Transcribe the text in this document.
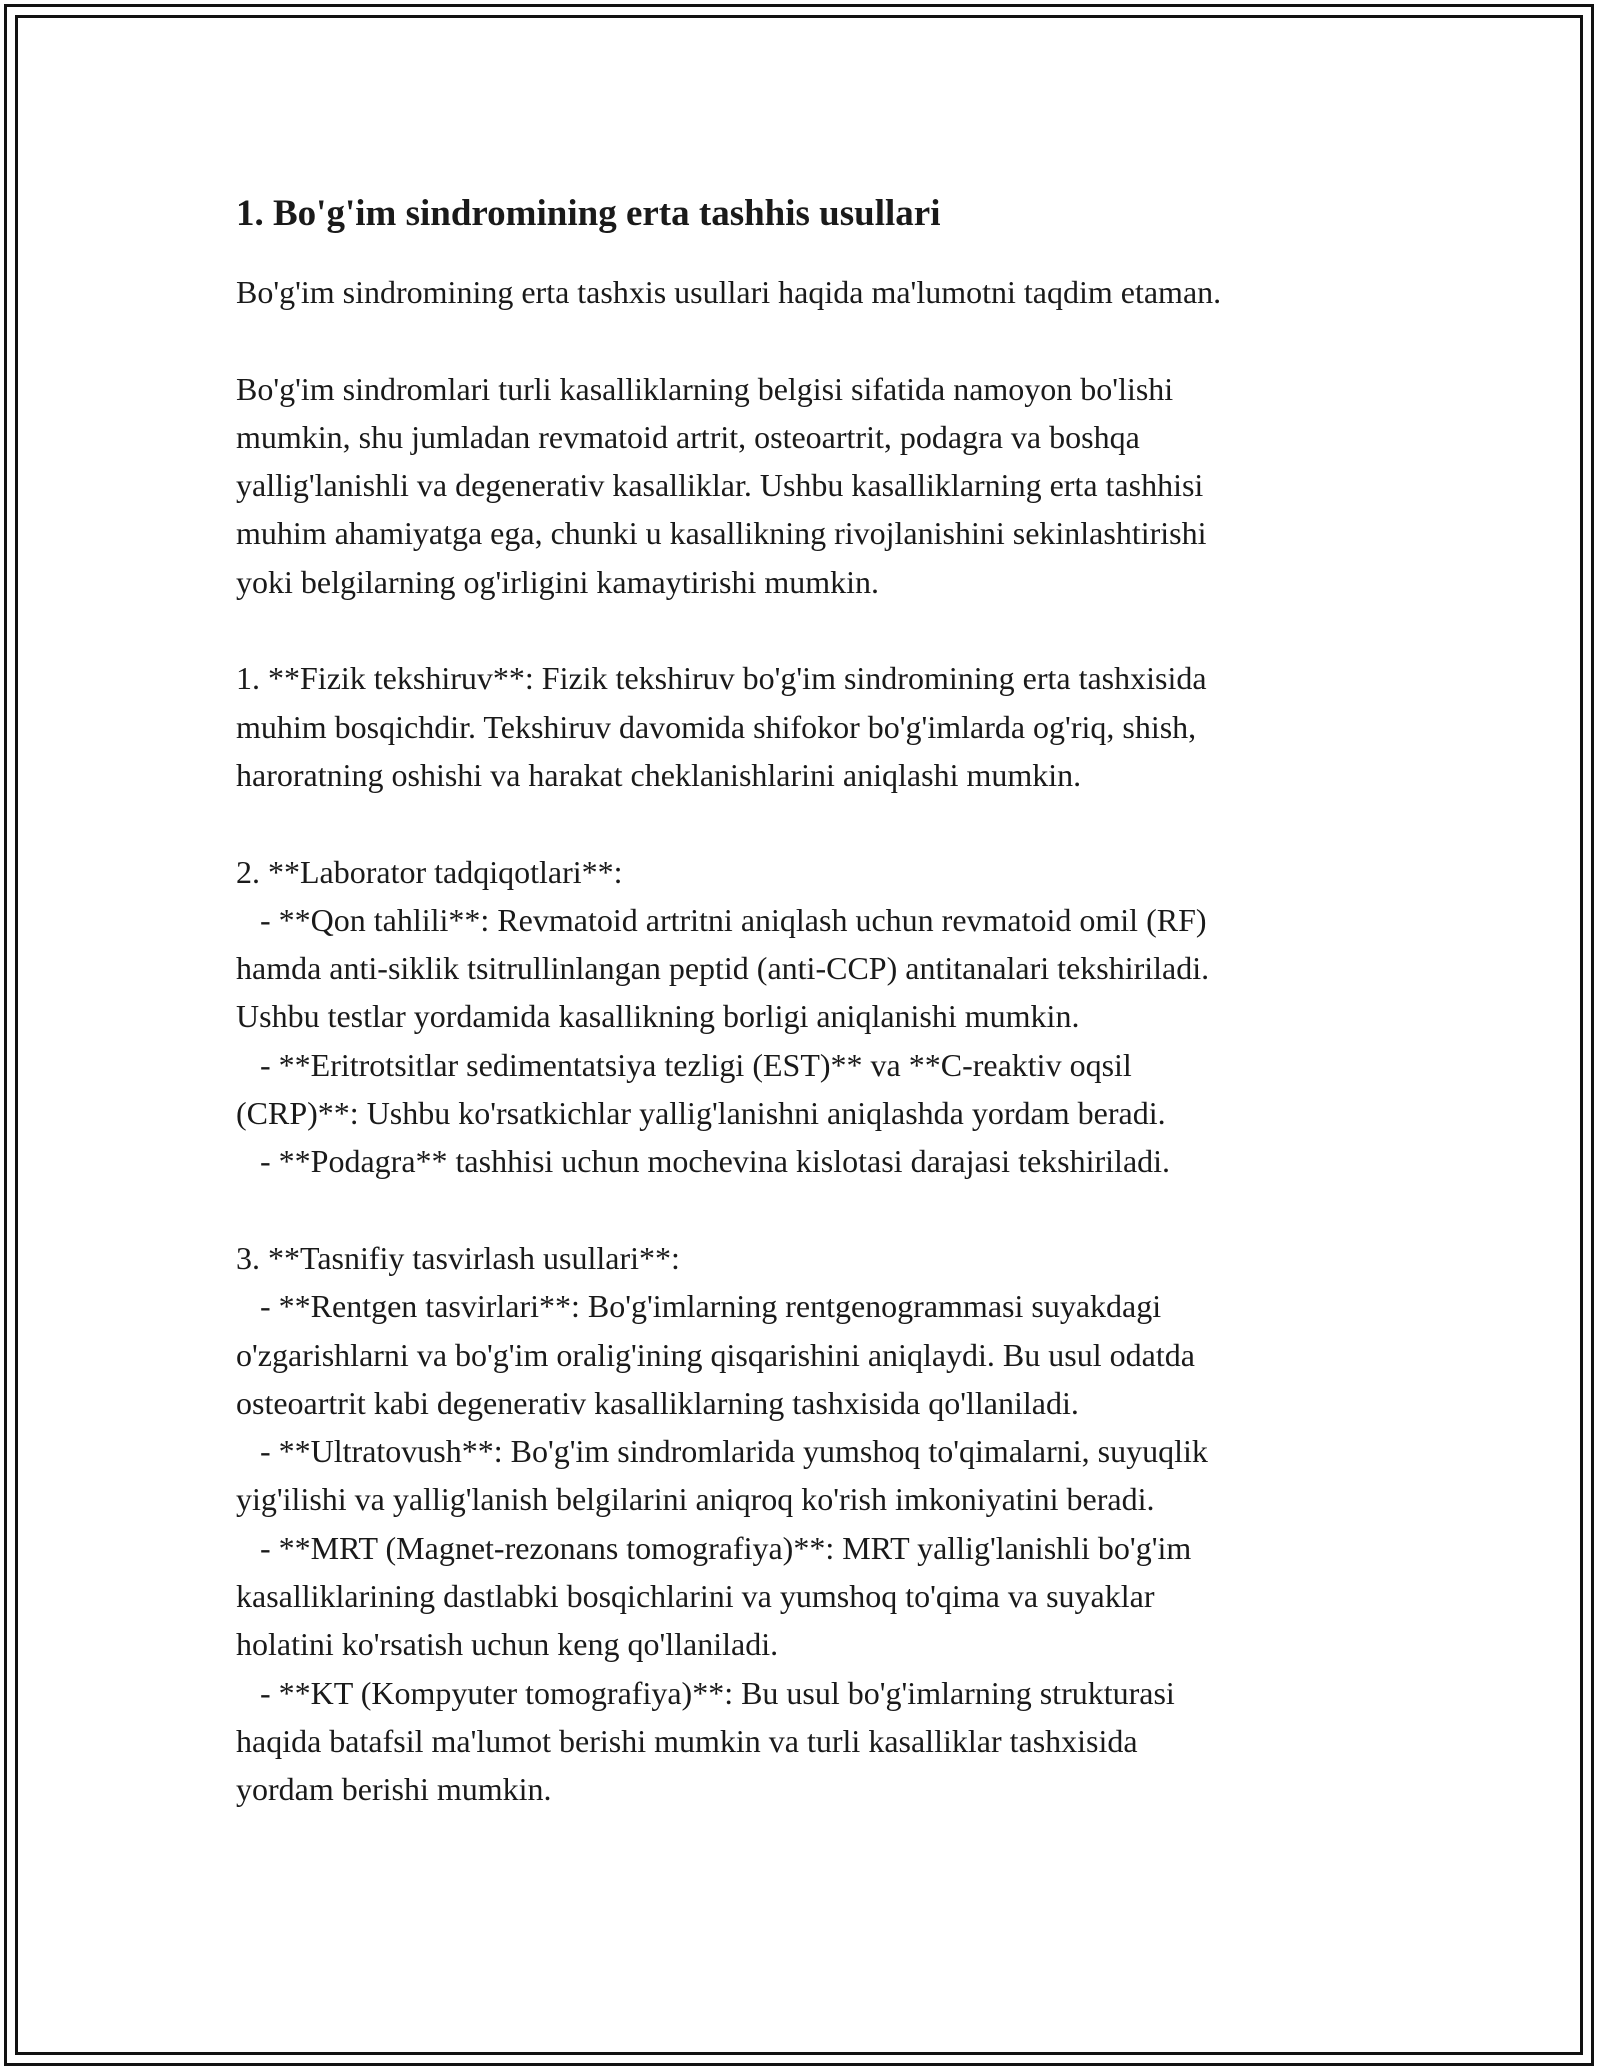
1. Bo'g'im sindromining erta tashhis usullari

Bo'g'im sindromining erta tashxis usullari haqida ma'lumotni taqdim etaman.

Bo'g'im sindromlari turli kasalliklarning belgisi sifatida namoyon bo'lishi
mumkin, shu jumladan revmatoid artrit, osteoartrit, podagra va boshqa
yallig'lanishli va degenerativ kasalliklar. Ushbu kasalliklarning erta tashhisi
muhim ahamiyatga ega, chunki u kasallikning rivojlanishini sekinlashtirishi
yoki belgilarning og'irligini kamaytirishi mumkin.

1. **Fizik tekshiruv**: Fizik tekshiruv bo'g'im sindromining erta tashxisida
muhim bosqichdir. Tekshiruv davomida shifokor bo'g'imlarda og'riq, shish,
haroratning oshishi va harakat cheklanishlarini aniqlashi mumkin.

2. **Laborator tadqiqotlari**:
- **Qon tahlili**: Revmatoid artritni aniqlash uchun revmatoid omil (RF)
hamda anti-siklik tsitrullinlangan peptid (anti-CCP) antitanalari tekshiriladi.
Ushbu testlar yordamida kasallikning borligi aniqlanishi mumkin.
- **Eritrotsitlar sedimentatsiya tezligi (EST)** va **C-reaktiv oqsil
(CRP)**: Ushbu ko'rsatkichlar yallig'lanishni aniqlashda yordam beradi.
- **Podagra** tashhisi uchun mochevina kislotasi darajasi tekshiriladi.

3. **Tasnifiy tasvirlash usullari**:
- **Rentgen tasvirlari**: Bo'g'imlarning rentgenogrammasi suyakdagi
o'zgarishlarni va bo'g'im oralig'ining qisqarishini aniqlaydi. Bu usul odatda
osteoartrit kabi degenerativ kasalliklarning tashxisida qo'llaniladi.
- **Ultratovush**: Bo'g'im sindromlarida yumshoq to'qimalarni, suyuqlik
yig'ilishi va yallig'lanish belgilarini aniqroq ko'rish imkoniyatini beradi.
- **MRT (Magnet-rezonans tomografiya)**: MRT yallig'lanishli bo'g'im
kasalliklarining dastlabki bosqichlarini va yumshoq to'qima va suyaklar
holatini ko'rsatish uchun keng qo'llaniladi.
- **KT (Kompyuter tomografiya)**: Bu usul bo'g'imlarning strukturasi
haqida batafsil ma'lumot berishi mumkin va turli kasalliklar tashxisida
yordam berishi mumkin.
